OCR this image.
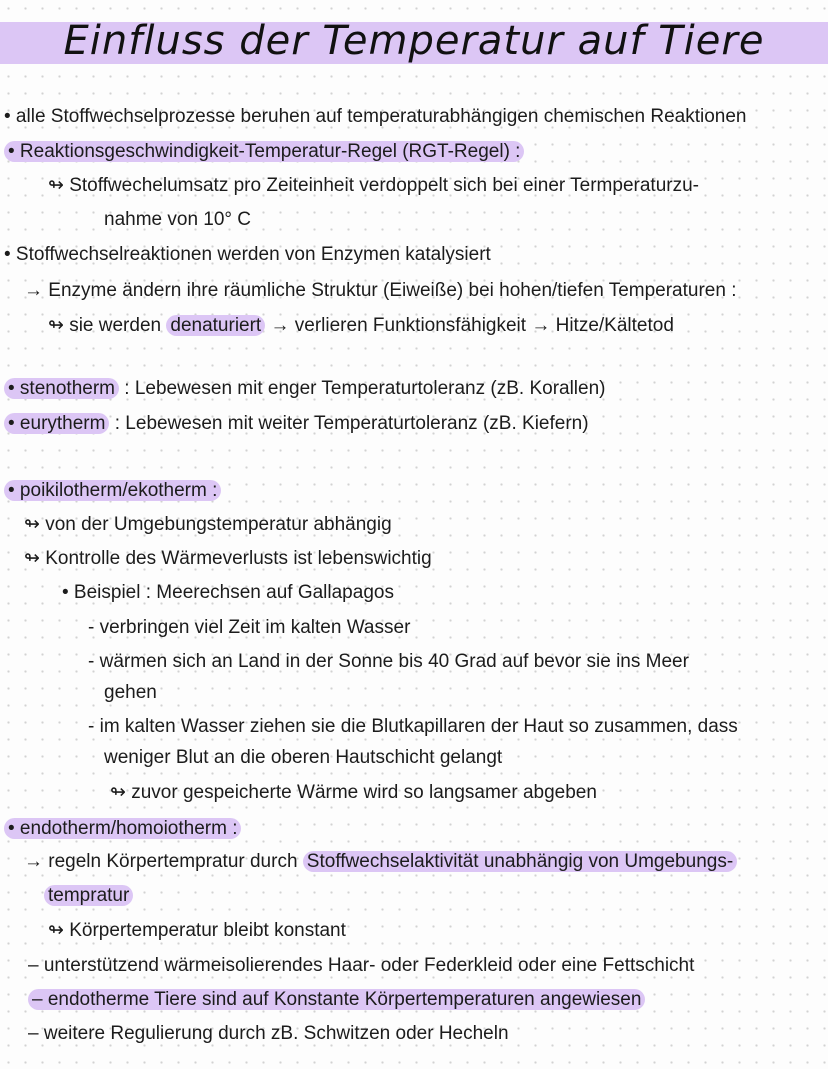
Einfluss der Temperatur auf Tiere
• alle Stoffwechselprozesse beruhen auf temperaturabhängigen chemischen Reaktionen
• Reaktionsgeschwindigkeit-Temperatur-Regel (RGT-Regel) :
↬ Stoffwechelumsatz pro Zeiteinheit verdoppelt sich bei einer Termperaturzu-
nahme von 10° C
• Stoffwechselreaktionen werden von Enzymen katalysiert
→ Enzyme ändern ihre räumliche Struktur (Eiweiße) bei hohen/tiefen Temperaturen :
↬ sie werden denaturiert → verlieren Funktionsfähigkeit → Hitze/Kältetod
• stenotherm : Lebewesen mit enger Temperaturtoleranz (zB. Korallen)
• eurytherm : Lebewesen mit weiter Temperaturtoleranz (zB. Kiefern)
• poikilotherm/ekotherm :
↬ von der Umgebungstemperatur abhängig
↬ Kontrolle des Wärmeverlusts ist lebenswichtig
• Beispiel : Meerechsen auf Gallapagos
- verbringen viel Zeit im kalten Wasser
- wärmen sich an Land in der Sonne bis 40 Grad auf bevor sie ins Meer
gehen
- im kalten Wasser ziehen sie die Blutkapillaren der Haut so zusammen, dass
weniger Blut an die oberen Hautschicht gelangt
↬ zuvor gespeicherte Wärme wird so langsamer abgeben
• endotherm/homoiotherm :
→ regeln Körpertempratur durch Stoffwechselaktivität unabhängig von Umgebungs-
tempratur
↬ Körpertemperatur bleibt konstant
– unterstützend wärmeisolierendes Haar- oder Federkleid oder eine Fettschicht
– endotherme Tiere sind auf Konstante Körpertemperaturen angewiesen
– weitere Regulierung durch zB. Schwitzen oder Hecheln
